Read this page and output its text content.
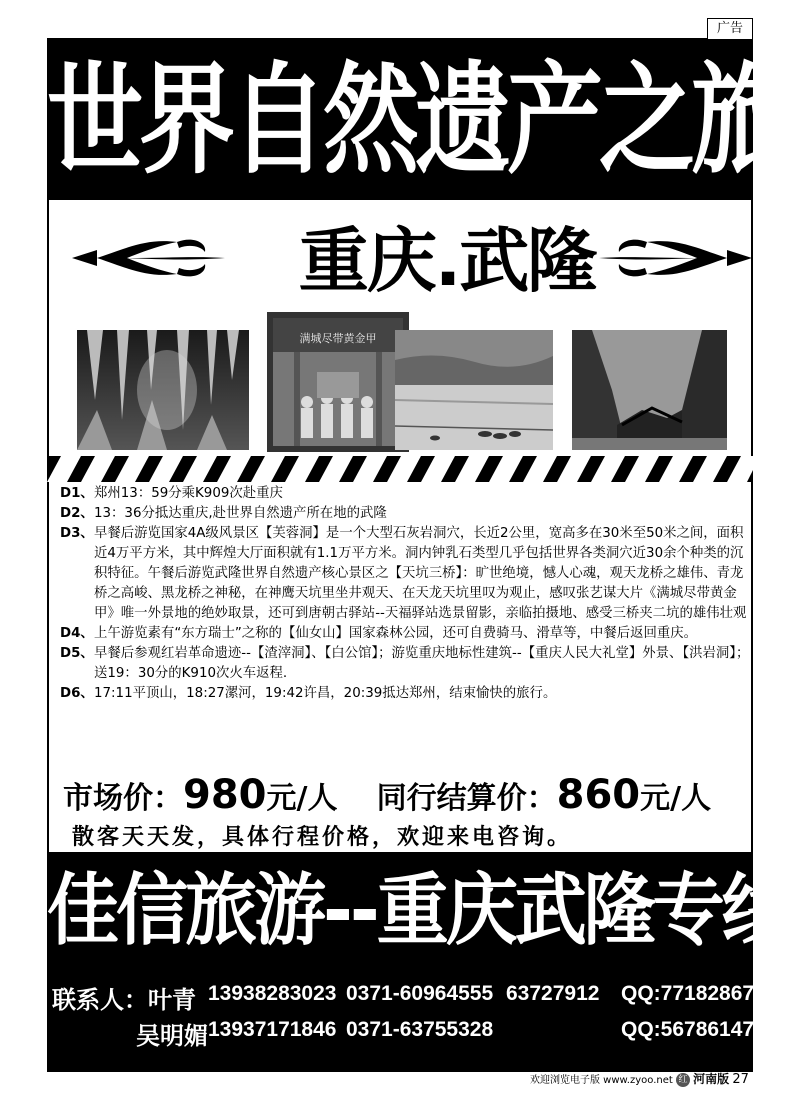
广告
世界自然遗产之旅
重庆.武隆
满城尽带黄金甲
D1、 郑州13：59分乘K909次赴重庆
D2、 13：36分抵达重庆,赴世界自然遗产所在地的武隆
D3、 早餐后游览国家4A级风景区【芙蓉洞】是一个大型石灰岩洞穴，长近2公里，宽高多在30米至50米之间，面积近4万平方米，其中辉煌大厅面积就有1.1万平方米。洞内钟乳石类型几乎包括世界各类洞穴近30余个种类的沉积特征。午餐后游览武隆世界自然遗产核心景区之【天坑三桥】：旷世绝境，憾人心魂，观天龙桥之雄伟、青龙桥之高峻、黑龙桥之神秘，在神鹰天坑里坐井观天、在天龙天坑里叹为观止，感叹张艺谋大片《满城尽带黄金甲》唯一外景地的绝妙取景，还可到唐朝古驿站--天福驿站选景留影，亲临拍摄地、感受三桥夹二坑的雄伟壮观
D4、 上午游览素有“东方瑞士”之称的【仙女山】国家森林公园，还可自费骑马、滑草等，中餐后返回重庆。
D5、 早餐后参观红岩革命遗迹--【渣滓洞】、【白公馆】；游览重庆地标性建筑--【重庆人民大礼堂】外景、【洪岩洞】；送19：30分的K910次火车返程.
D6、 17:11平顶山，18:27漯河，19:42许昌，20:39抵达郑州，结束愉快的旅行。
市场价：980元/人 同行结算价：860元/人
散客天天发，具体行程价格，欢迎来电咨询。
佳信旅游--重庆武隆专线
联系人：叶青 13938283023 0371-60964555 63727912 QQ:771828678
吴明媚 13937171846 0371-63755328	QQ:56786147
欢迎浏览电子版 www.zyoo.net 红 河南版 27
